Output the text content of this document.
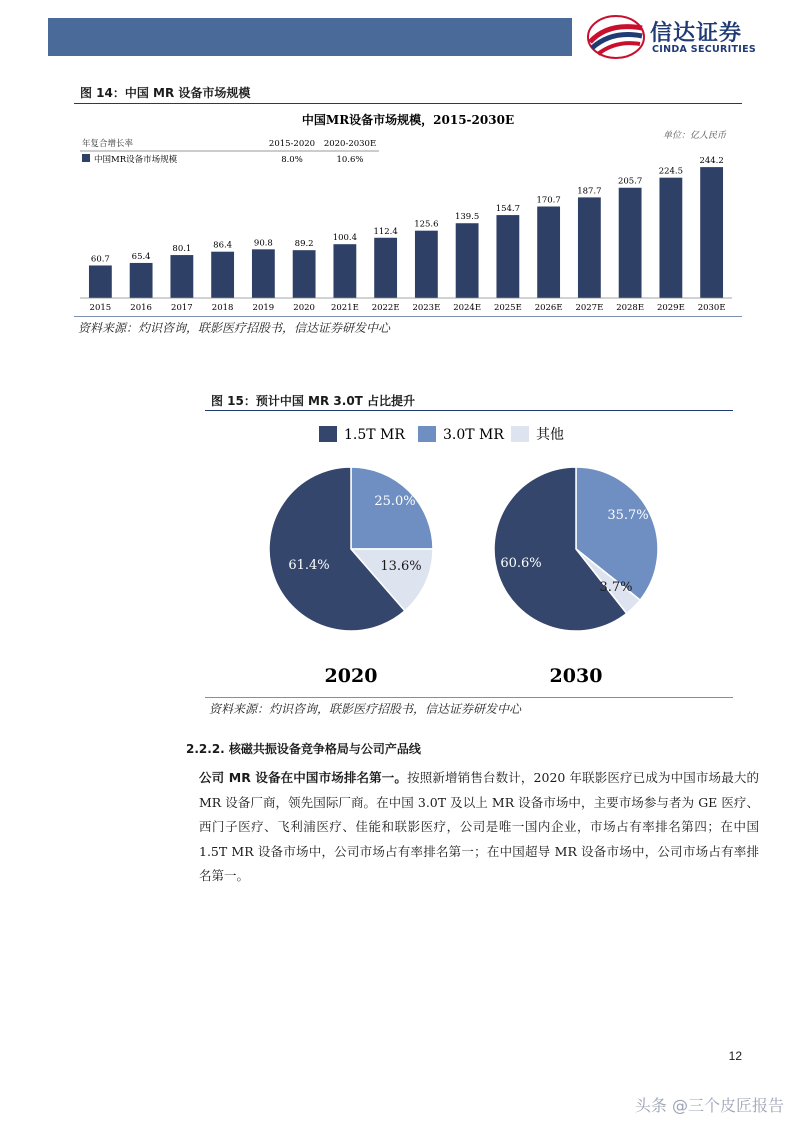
信达证券
CINDA SECURITIES
图 14：中国 MR 设备市场规模
中国MR设备市场规模，2015-2030E
单位：亿人民币
年复合增长率	2015-2020 2020-2030E
中国MR设备市场规模	8.0%	10.6%
60.7
2015
65.4
2016
80.1
2017
86.4
2018
90.8
2019
89.2
2020
100.4
2021E
112.4
2022E
125.6
2023E
139.5
2024E
154.7
2025E
170.7
2026E
187.7
2027E
205.7
2028E
224.5
2029E
244.2
2030E
资料来源：灼识咨询，联影医疗招股书，信达证券研发中心
图 15：预计中国 MR 3.0T 占比提升
1.5T MR	3.0T MR 其他
61.4%
25.0%
13.6%
2020
60.6%
35.7%
3.7%
2030
资料来源：灼识咨询，联影医疗招股书，信达证券研发中心
2.2.2. 核磁共振设备竞争格局与公司产品线
公司 MR 设备在中国市场排名第一。按照新增销售台数计，2020 年联影医疗已成为中国市场最大的 MR 设备厂商，领先国际厂商。在中国 3.0T 及以上 MR 设备市场中，主要市场参与者为 GE 医疗、西门子医疗、飞利浦医疗、佳能和联影医疗，公司是唯一国内企业，市场占有率排名第四；在中国 1.5T MR 设备市场中，公司市场占有率排名第一；在中国超导 MR 设备市场中，公司市场占有率排名第一。
12
头条 @三个皮匠报告
